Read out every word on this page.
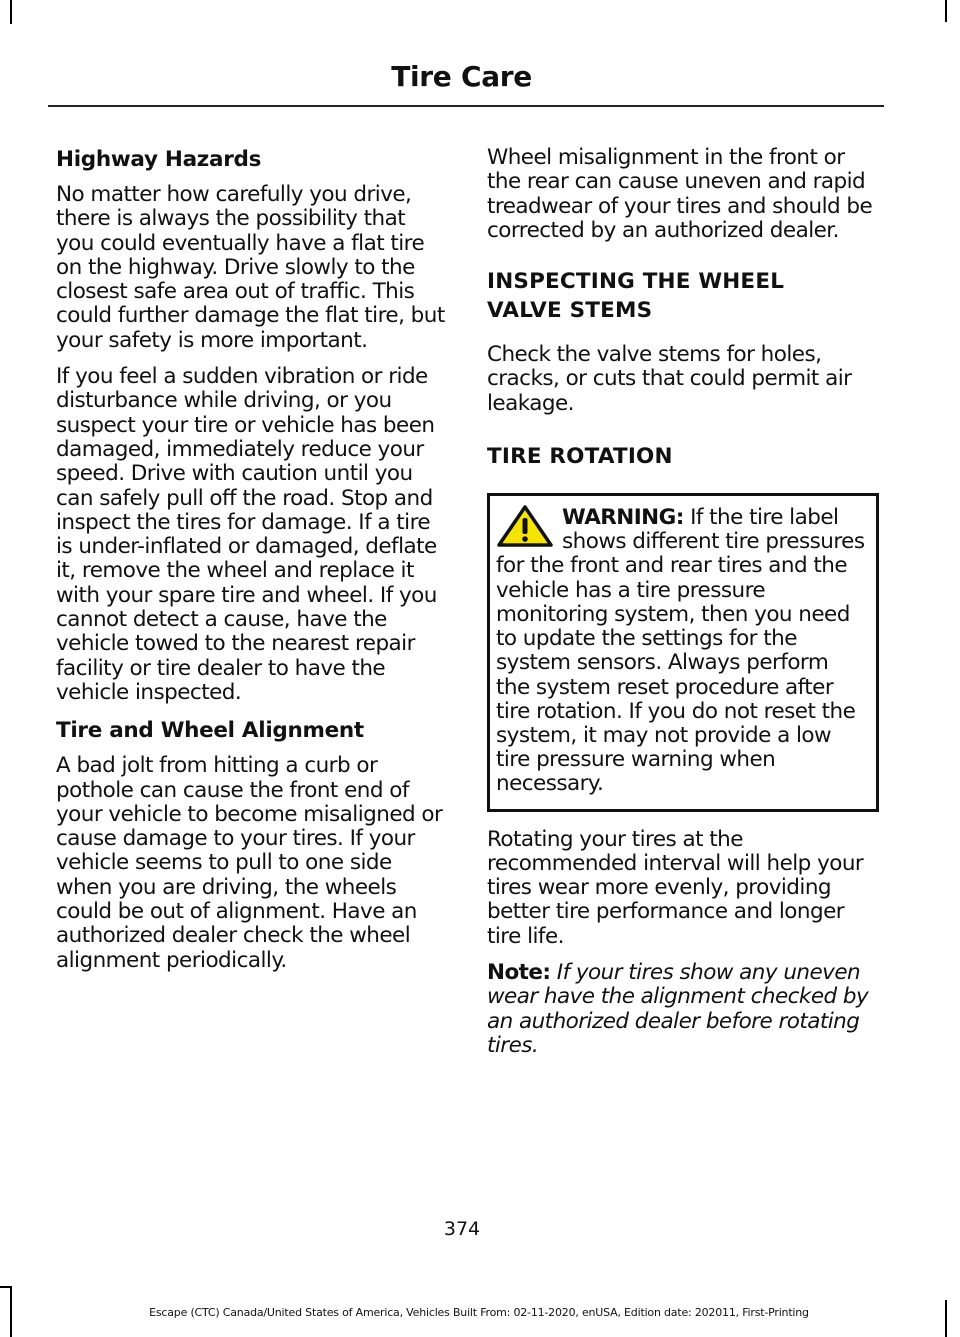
Tire Care
Highway Hazards

No matter how carefully you drive, there is always the possibility that you could eventually have a flat tire on the highway. Drive slowly to the closest safe area out of traffic. This could further damage the flat tire, but your safety is more important.

If you feel a sudden vibration or ride disturbance while driving, or you suspect your tire or vehicle has been damaged, immediately reduce your speed. Drive with caution until you can safely pull off the road. Stop and inspect the tires for damage. If a tire is under-inflated or damaged, deflate it, remove the wheel and replace it with your spare tire and wheel. If you cannot detect a cause, have the vehicle towed to the nearest repair facility or tire dealer to have the vehicle inspected.

Tire and Wheel Alignment

A bad jolt from hitting a curb or pothole can cause the front end of your vehicle to become misaligned or cause damage to your tires. If your vehicle seems to pull to one side when you are driving, the wheels could be out of alignment. Have an authorized dealer check the wheel alignment periodically.

Wheel misalignment in the front or the rear can cause uneven and rapid treadwear of your tires and should be corrected by an authorized dealer.

INSPECTING THE WHEEL
VALVE STEMS

Check the valve stems for holes, cracks, or cuts that could permit air leakage.

TIRE ROTATION
WARNING: If the tire label shows different tire pressures for the front and rear tires and the vehicle has a tire pressure monitoring system, then you need to update the settings for the system sensors. Always perform the system reset procedure after tire rotation. If you do not reset the system, it may not provide a low tire pressure warning when necessary.

Rotating your tires at the recommended interval will help your tires wear more evenly, providing better tire performance and longer tire life.

Note: If your tires show any uneven wear have the alignment checked by an authorized dealer before rotating tires.

374
Escape (CTC) Canada/United States of America, Vehicles Built From: 02-11-2020, enUSA, Edition date: 202011, First-Printing
